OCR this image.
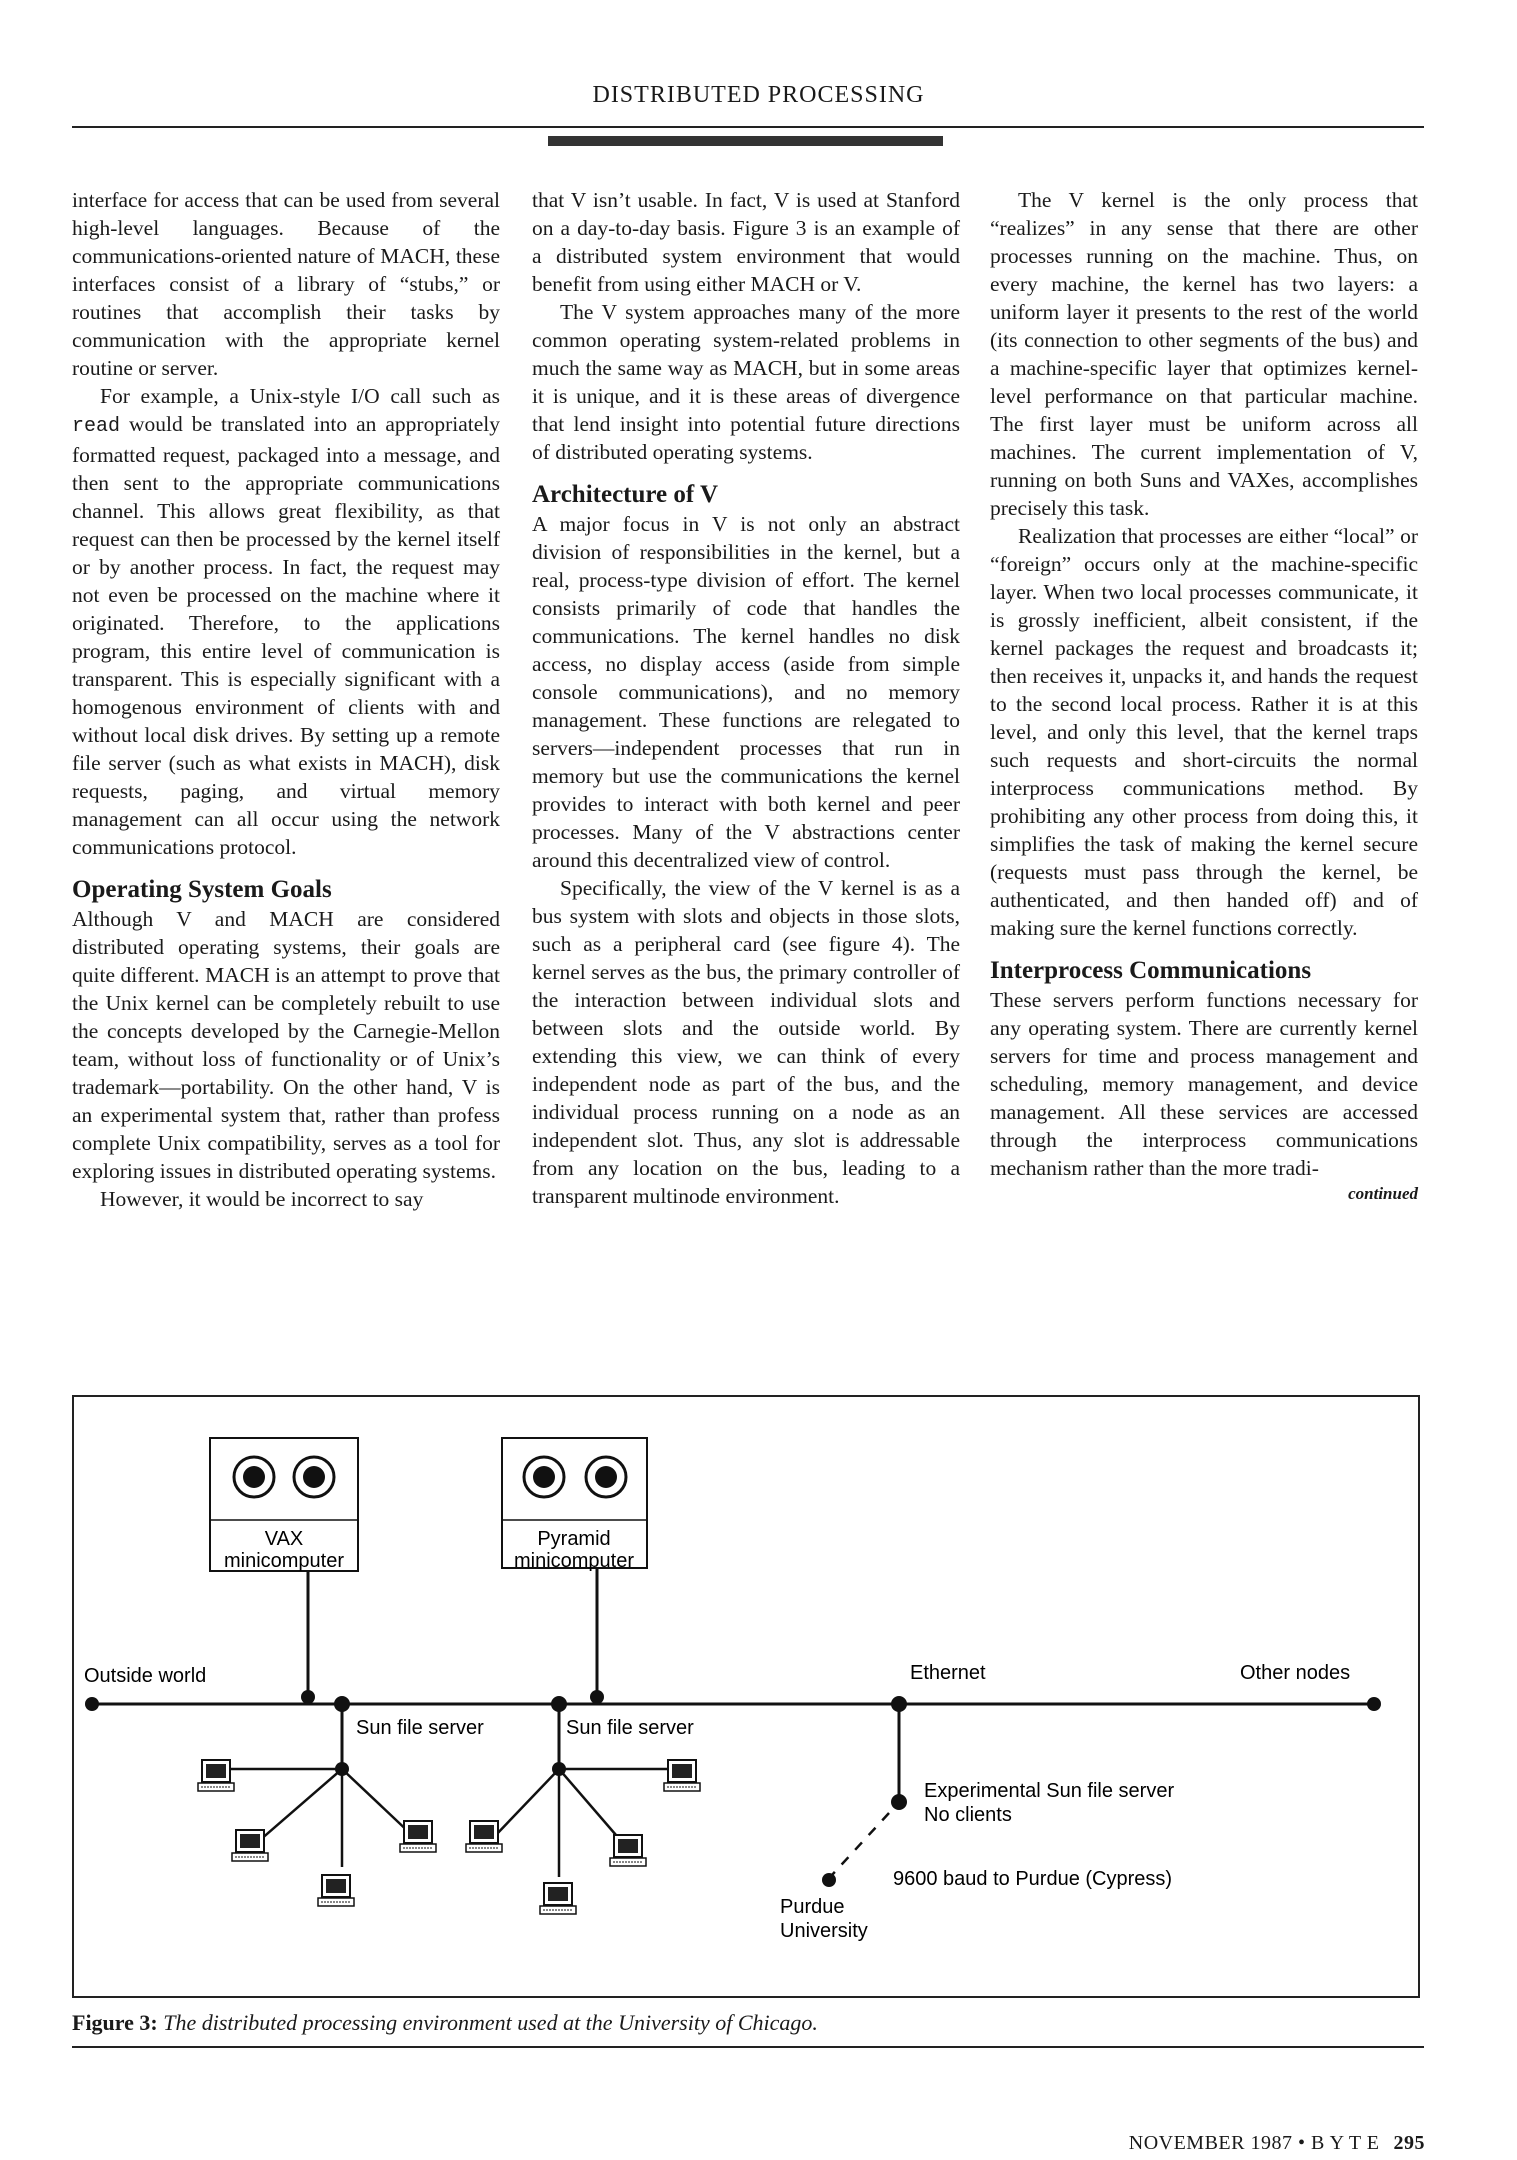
DISTRIBUTED PROCESSING

interface for access that can be used from several high-level languages. Because of the communications-oriented nature of MACH, these interfaces consist of a library of “stubs,” or routines that accomplish their tasks by communication with the appropriate kernel routine or server.

For example, a Unix-style I/O call such as read would be translated into an appropriately formatted request, packaged into a message, and then sent to the appropriate communications channel. This allows great flexibility, as that request can then be processed by the kernel itself or by another process. In fact, the request may not even be processed on the machine where it originated. Therefore, to the applications program, this entire level of communication is transparent. This is especially significant with a homogenous environment of clients with and without local disk drives. By setting up a remote file server (such as what exists in MACH), disk requests, paging, and virtual memory management can all occur using the network communications protocol.

Operating System Goals

Although V and MACH are considered distributed operating systems, their goals are quite different. MACH is an attempt to prove that the Unix kernel can be completely rebuilt to use the concepts developed by the Carnegie-Mellon team, without loss of functionality or of Unix’s trademark—portability. On the other hand, V is an experimental system that, rather than profess complete Unix compatibility, serves as a tool for exploring issues in distributed operating systems.

However, it would be incorrect to say

that V isn’t usable. In fact, V is used at Stanford on a day-to-day basis. Figure 3 is an example of a distributed system environment that would benefit from using either MACH or V.

The V system approaches many of the more common operating system-related problems in much the same way as MACH, but in some areas it is unique, and it is these areas of divergence that lend insight into potential future directions of distributed operating systems.

Architecture of V

A major focus in V is not only an abstract division of responsibilities in the kernel, but a real, process-type division of effort. The kernel consists primarily of code that handles the communications. The kernel handles no disk access, no display access (aside from simple console communications), and no memory management. These functions are relegated to servers—independent processes that run in memory but use the communications the kernel provides to interact with both kernel and peer processes. Many of the V abstractions center around this decentralized view of control.

Specifically, the view of the V kernel is as a bus system with slots and objects in those slots, such as a peripheral card (see figure 4). The kernel serves as the bus, the primary controller of the interaction between individual slots and between slots and the outside world. By extending this view, we can think of every independent node as part of the bus, and the individual process running on a node as an independent slot. Thus, any slot is addressable from any location on the bus, leading to a transparent multinode environment.

The V kernel is the only process that “realizes” in any sense that there are other processes running on the machine. Thus, on every machine, the kernel has two layers: a uniform layer it presents to the rest of the world (its connection to other segments of the bus) and a machine-specific layer that optimizes kernel-level performance on that particular machine. The first layer must be uniform across all machines. The current implementation of V, running on both Suns and VAXes, accomplishes precisely this task.

Realization that processes are either “local” or “foreign” occurs only at the machine-specific layer. When two local processes communicate, it is grossly inefficient, albeit consistent, if the kernel packages the request and broadcasts it; then receives it, unpacks it, and hands the request to the second local process. Rather it is at this level, and only this level, that the kernel traps such requests and short-circuits the normal interprocess communications method. By prohibiting any other process from doing this, it simplifies the task of making the kernel secure (requests must pass through the kernel, be authenticated, and then handed off) and of making sure the kernel functions correctly.

Interprocess Communications

These servers perform functions necessary for any operating system. There are currently kernel servers for time and process management and scheduling, memory management, and device management. All these services are accessed through the interprocess communications mechanism rather than the more tradi-

continued
VAX
minicomputer
Pyramid
minicomputer
Outside world	Ethernet	Other nodes
Sun file server	Sun file server
Experimental Sun file server
No clients
9600 baud to Purdue (Cypress)
Purdue
University
Figure 3: The distributed processing environment used at the University of Chicago.
NOVEMBER 1987 • B Y T E 295
